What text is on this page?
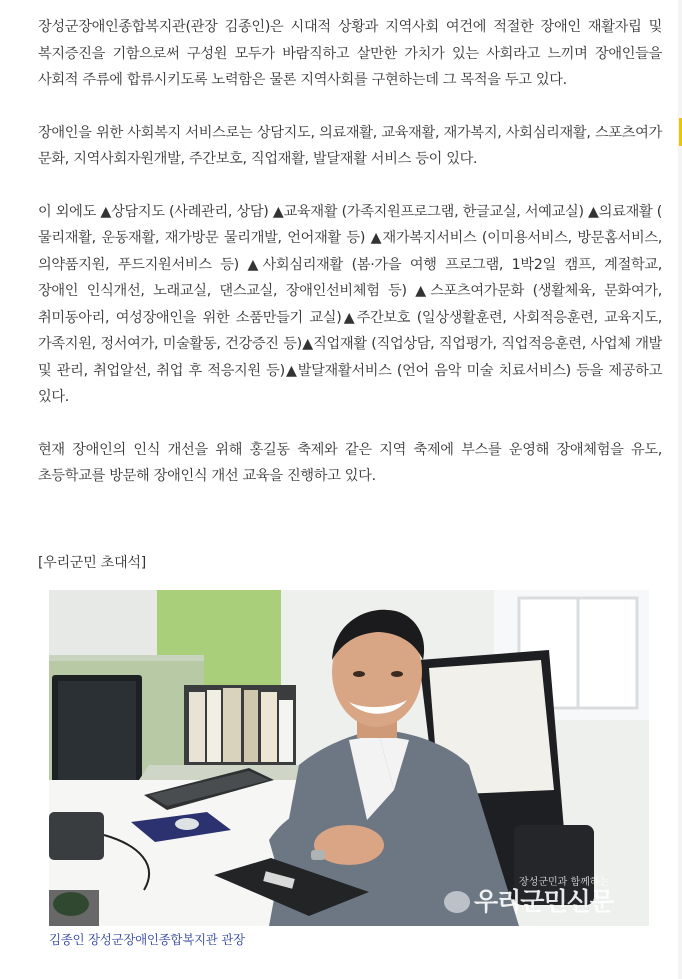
장성군장애인종합복지관(관장 김종인)은 시대적 상황과 지역사회 여건에 적절한 장애인 재활자립 및 복지증진을 기함으로써 구성원 모두가 바람직하고 살만한 가치가 있는 사회라고 느끼며 장애인들을 사회적 주류에 합류시키도록 노력함은 물론 지역사회를 구현하는데 그 목적을 두고 있다.

장애인을 위한 사회복지 서비스로는 상담지도, 의료재활, 교육재활, 재가복지, 사회심리재활, 스포츠여가 문화, 지역사회자원개발, 주간보호, 직업재활, 발달재활 서비스 등이 있다.

이 외에도 ▲상담지도 (사례관리, 상담) ▲교육재활 (가족지원프로그램, 한글교실, 서예교실) ▲의료재활 ( 물리재활, 운동재활, 재가방문 물리개발, 언어재활 등) ▲재가복지서비스 (이미용서비스, 방문홈서비스, 의약품지원, 푸드지원서비스 등) ▲사회심리재활 (봄·가을 여행 프로그램, 1박2일 캠프, 계절학교, 장애인 인식개선, 노래교실, 댄스교실, 장애인선비체험 등) ▲스포츠여가문화 (생활체육, 문화여가, 취미동아리, 여성장애인을 위한 소품만들기 교실)▲주간보호 (일상생활훈련, 사회적응훈련, 교육지도, 가족지원, 정서여가, 미술활동, 건강증진 등)▲직업재활 (직업상담, 직업평가, 직업적응훈련, 사업체 개발 및 관리, 취업알선, 취업 후 적응지원 등)▲발달재활서비스 (언어 음악 미술 치료서비스) 등을 제공하고 있다.

현재 장애인의 인식 개선을 위해 홍길동 축제와 같은 지역 축제에 부스를 운영해 장애체험을 유도, 초등학교를 방문해 장애인식 개선 교육을 진행하고 있다.

[우리군민 초대석]
장성군민과 함께하는
우리군민신문
김종인 장성군장애인종합복지관 관장
